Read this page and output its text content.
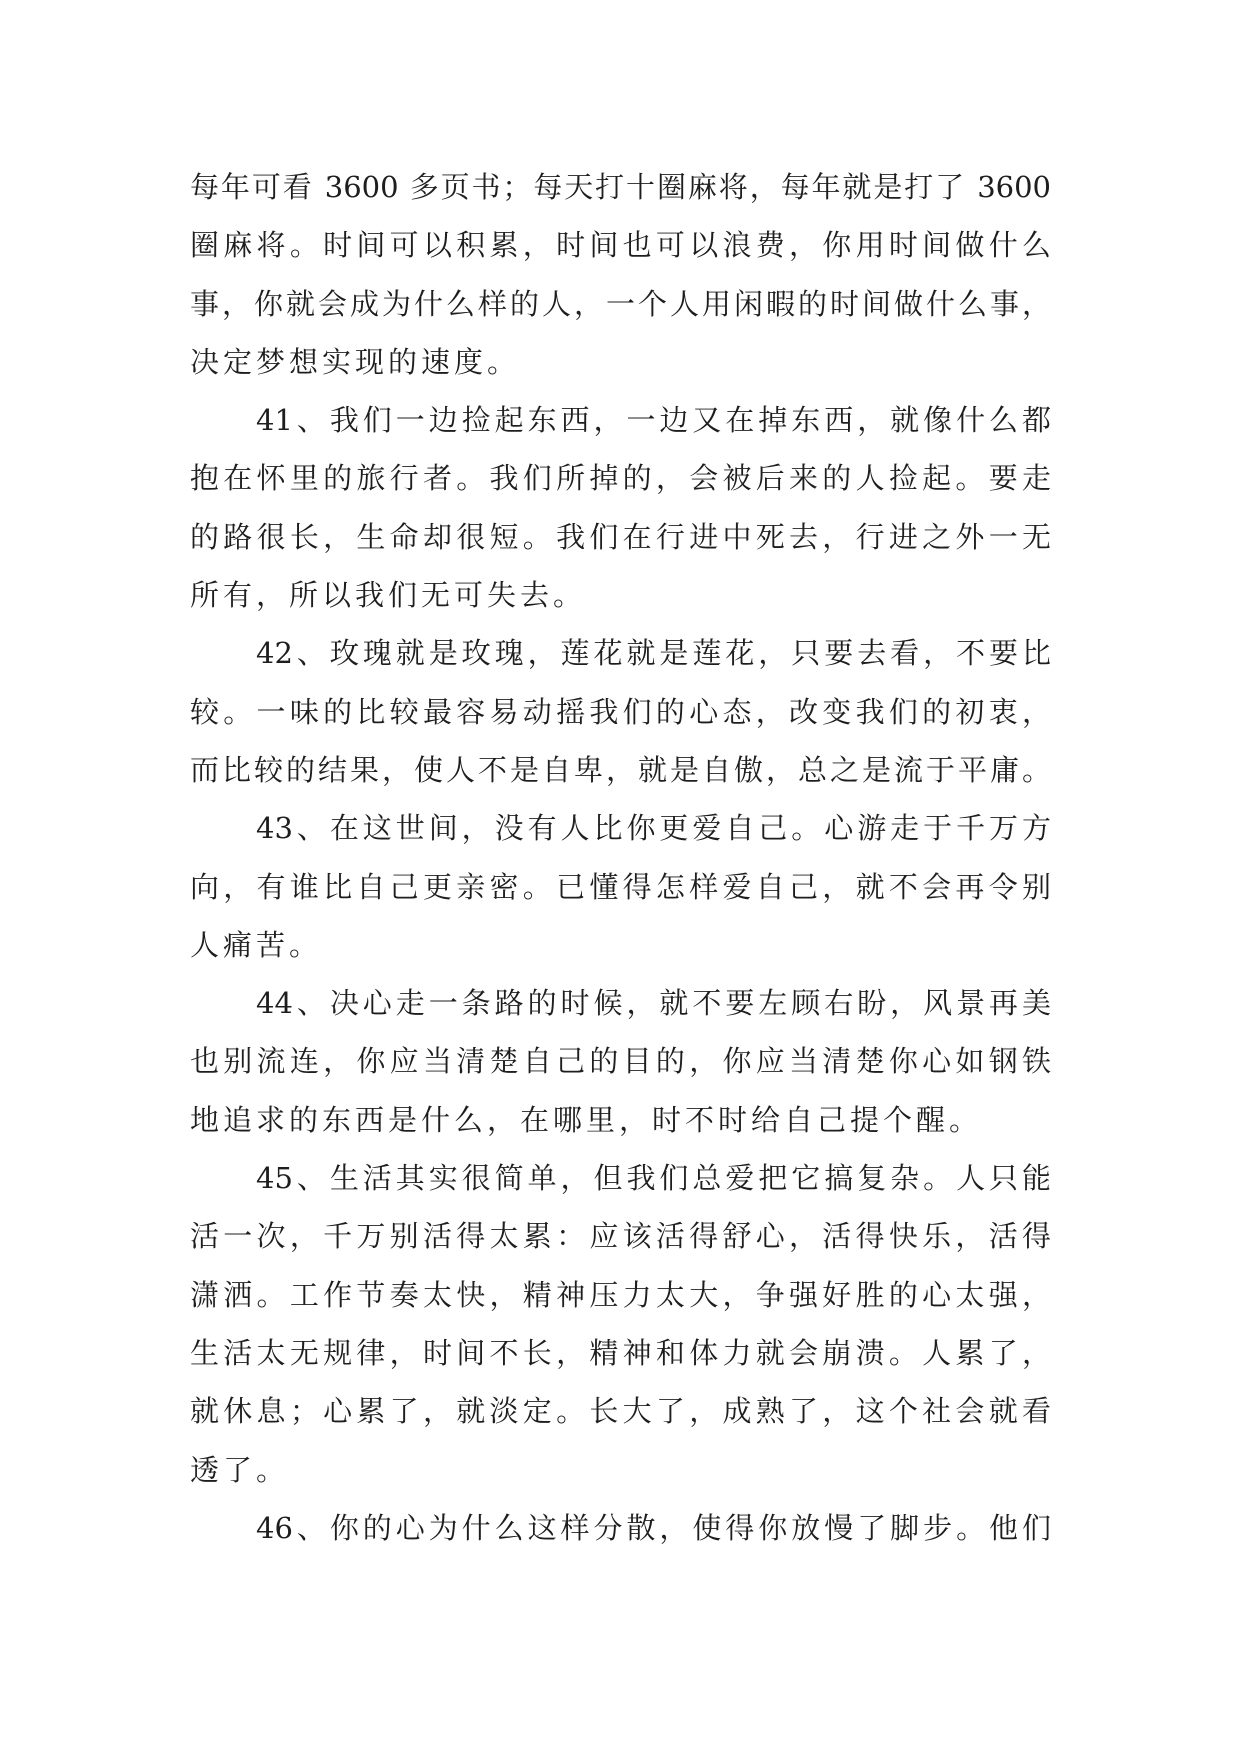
每年可看 3600 多页书；每天打十圈麻将，每年就是打了 3600
圈麻将。时间可以积累，时间也可以浪费，你用时间做什么
事，你就会成为什么样的人，一个人用闲暇的时间做什么事，
决定梦想实现的速度。
41、我们一边捡起东西，一边又在掉东西，就像什么都
抱在怀里的旅行者。我们所掉的，会被后来的人捡起。要走
的路很长，生命却很短。我们在行进中死去，行进之外一无
所有，所以我们无可失去。
42、玫瑰就是玫瑰，莲花就是莲花，只要去看，不要比
较。一味的比较最容易动摇我们的心态，改变我们的初衷，
而比较的结果，使人不是自卑，就是自傲，总之是流于平庸。
43、在这世间，没有人比你更爱自己。心游走于千万方
向，有谁比自己更亲密。已懂得怎样爱自己，就不会再令别
人痛苦。
44、决心走一条路的时候，就不要左顾右盼，风景再美
也别流连，你应当清楚自己的目的，你应当清楚你心如钢铁
地追求的东西是什么，在哪里，时不时给自己提个醒。
45、生活其实很简单，但我们总爱把它搞复杂。人只能
活一次，千万别活得太累：应该活得舒心，活得快乐，活得
潇洒。工作节奏太快，精神压力太大，争强好胜的心太强，
生活太无规律，时间不长，精神和体力就会崩溃。人累了，
就休息；心累了，就淡定。长大了，成熟了，这个社会就看
透了。
46、你的心为什么这样分散，使得你放慢了脚步。他们
